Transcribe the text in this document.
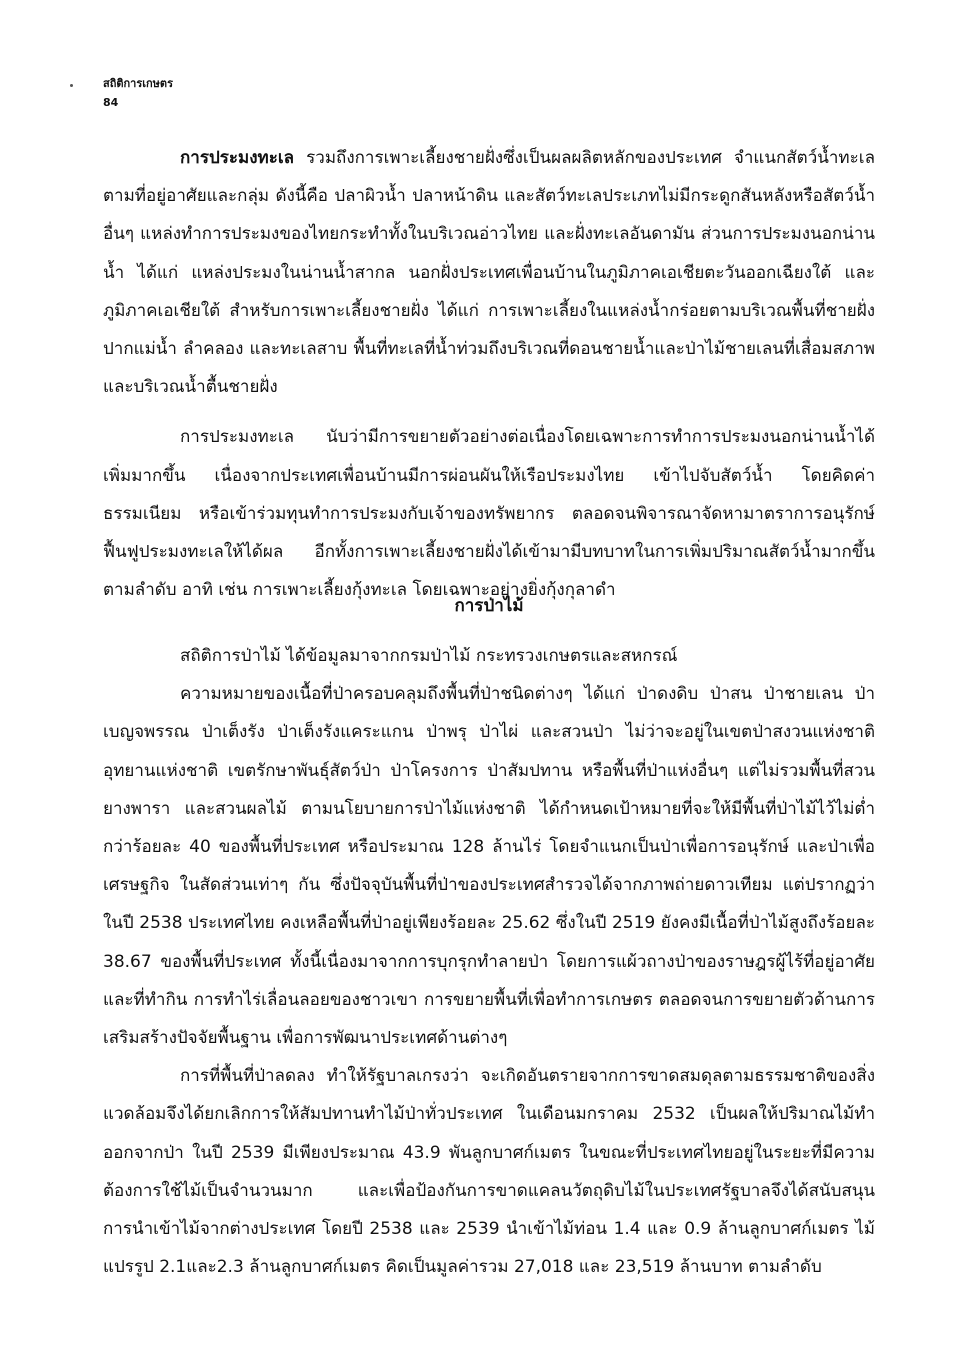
สถิติการเกษตร
84

การประมงทะเล รวมถึงการเพาะเลี้ยงชายฝั่งซึ่งเป็นผลผลิตหลักของประเทศ จำแนกสัตว์น้ำทะเล ตามที่อยู่อาศัยและกลุ่ม ดังนี้คือ ปลาผิวน้ำ ปลาหน้าดิน และสัตว์ทะเลประเภทไม่มีกระดูกสันหลังหรือสัตว์น้ำอื่นๆ แหล่งทำการประมงของไทยกระทำทั้งในบริเวณอ่าวไทย และฝั่งทะเลอันดามัน ส่วนการประมงนอกน่านน้ำ ได้แก่ แหล่งประมงในน่านน้ำสากล นอกฝั่งประเทศเพื่อนบ้านในภูมิภาคเอเชียตะวันออกเฉียงใต้ และภูมิภาคเอเชียใต้ สำหรับการเพาะเลี้ยงชายฝั่ง ได้แก่ การเพาะเลี้ยงในแหล่งน้ำกร่อยตามบริเวณพื้นที่ชายฝั่ง ปากแม่น้ำ ลำคลอง และทะเลสาบ พื้นที่ทะเลที่น้ำท่วมถึงบริเวณที่ดอนชายน้ำและป่าไม้ชายเลนที่เสื่อมสภาพ และบริเวณน้ำตื้นชายฝั่ง

การประมงทะเล นับว่ามีการขยายตัวอย่างต่อเนื่องโดยเฉพาะการทำการประมงนอกน่านน้ำได้เพิ่มมากขึ้น เนื่องจากประเทศเพื่อนบ้านมีการผ่อนผันให้เรือประมงไทย เข้าไปจับสัตว์น้ำ โดยคิดค่าธรรมเนียม หรือเข้าร่วมทุนทำการประมงกับเจ้าของทรัพยากร ตลอดจนพิจารณาจัดหามาตราการอนุรักษ์ฟื้นฟูประมงทะเลให้ได้ผล อีกทั้งการเพาะเลี้ยงชายฝั่งได้เข้ามามีบทบาทในการเพิ่มปริมาณสัตว์น้ำมากขึ้นตามลำดับ อาทิ เช่น การเพาะเลี้ยงกุ้งทะเล โดยเฉพาะอย่างยิ่งกุ้งกุลาดำ

การป่าไม้

สถิติการป่าไม้ ได้ข้อมูลมาจากกรมป่าไม้ กระทรวงเกษตรและสหกรณ์

ความหมายของเนื้อที่ป่าครอบคลุมถึงพื้นที่ป่าชนิดต่างๆ ได้แก่ ป่าดงดิบ ป่าสน ป่าชายเลน ป่าเบญจพรรณ ป่าเต็งรัง ป่าเต็งรังแคระแกน ป่าพรุ ป่าไผ่ และสวนป่า ไม่ว่าจะอยู่ในเขตป่าสงวนแห่งชาติ อุทยานแห่งชาติ เขตรักษาพันธุ์สัตว์ป่า ป่าโครงการ ป่าสัมปทาน หรือพื้นที่ป่าแห่งอื่นๆ แต่ไม่รวมพื้นที่สวนยางพารา และสวนผลไม้ ตามนโยบายการป่าไม้แห่งชาติ ได้กำหนดเป้าหมายที่จะให้มีพื้นที่ป่าไม้ไว้ไม่ต่ำกว่าร้อยละ 40 ของพื้นที่ประเทศ หรือประมาณ 128 ล้านไร่ โดยจำแนกเป็นป่าเพื่อการอนุรักษ์ และป่าเพื่อเศรษฐกิจ ในสัดส่วนเท่าๆ กัน ซึ่งปัจจุบันพื้นที่ป่าของประเทศสำรวจได้จากภาพถ่ายดาวเทียม แต่ปรากฏว่าในปี 2538 ประเทศไทย คงเหลือพื้นที่ป่าอยู่เพียงร้อยละ 25.62 ซึ่งในปี 2519 ยังคงมีเนื้อที่ป่าไม้สูงถึงร้อยละ 38.67 ของพื้นที่ประเทศ ทั้งนี้เนื่องมาจากการบุกรุกทำลายป่า โดยการแผ้วถางป่าของราษฎรผู้ไร้ที่อยู่อาศัยและที่ทำกิน การทำไร่เลื่อนลอยของชาวเขา การขยายพื้นที่เพื่อทำการเกษตร ตลอดจนการขยายตัวด้านการเสริมสร้างปัจจัยพื้นฐาน เพื่อการพัฒนาประเทศด้านต่างๆ

การที่พื้นที่ป่าลดลง ทำให้รัฐบาลเกรงว่า จะเกิดอันตรายจากการขาดสมดุลตามธรรมชาติของสิ่งแวดล้อมจึงได้ยกเลิกการให้สัมปทานทำไม้ป่าทั่วประเทศ ในเดือนมกราคม 2532 เป็นผลให้ปริมาณไม้ทำออกจากป่า ในปี 2539 มีเพียงประมาณ 43.9 พันลูกบาศก์เมตร ในขณะที่ประเทศไทยอยู่ในระยะที่มีความต้องการใช้ไม้เป็นจำนวนมาก และเพื่อป้องกันการขาดแคลนวัตถุดิบไม้ในประเทศรัฐบาลจึงได้สนับสนุนการนำเข้าไม้จากต่างประเทศ โดยปี 2538 และ 2539 นำเข้าไม้ท่อน 1.4 และ 0.9 ล้านลูกบาศก์เมตร ไม้แปรรูป 2.1และ2.3 ล้านลูกบาศก์เมตร คิดเป็นมูลค่ารวม 27,018 และ 23,519 ล้านบาท ตามลำดับ
